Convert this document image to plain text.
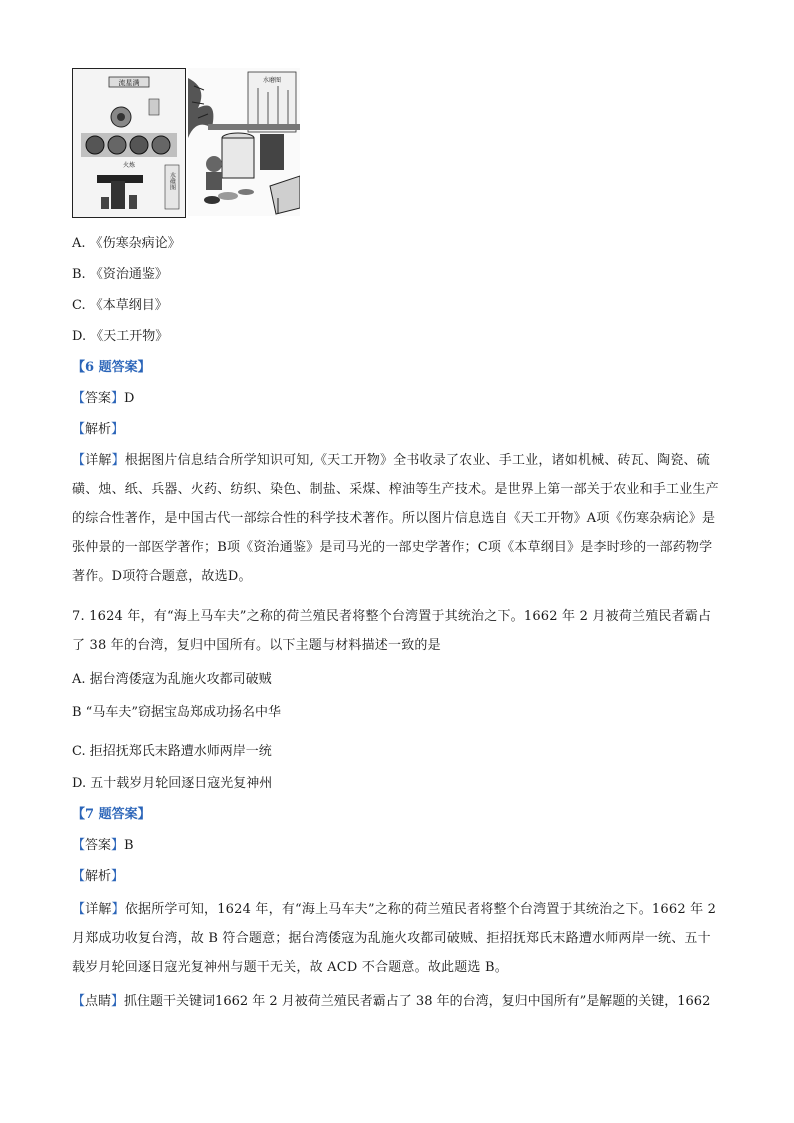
流星满
火炼
水碓图
水磨图
A. 《伤寒杂病论》
B. 《资治通鉴》
C. 《本草纲目》
D. 《天工开物》
【6 题答案】
【答案】D
【解析】
【详解】根据图片信息结合所学知识可知,《天工开物》全书收录了农业、手工业，诸如机械、砖瓦、陶瓷、硫磺、烛、纸、兵器、火药、纺织、染色、制盐、采煤、榨油等生产技术。是世界上第一部关于农业和手工业生产的综合性著作，是中国古代一部综合性的科学技术著作。所以图片信息选自《天工开物》A项《伤寒杂病论》是张仲景的一部医学著作；B项《资治通鉴》是司马光的一部史学著作；C项《本草纲目》是李时珍的一部药物学著作。D项符合题意，故选D。
7. 1624 年，有“海上马车夫”之称的荷兰殖民者将整个台湾置于其统治之下。1662 年 2 月被荷兰殖民者霸占了 38 年的台湾，复归中国所有。以下主题与材料描述一致的是
A. 据台湾倭寇为乱施火攻都司破贼
B “马车夫”窃据宝岛郑成功扬名中华
C. 拒招抚郑氏末路遭水师两岸一统
D. 五十载岁月轮回逐日寇光复神州
【7 题答案】
【答案】B
【解析】
【详解】依据所学可知，1624 年，有“海上马车夫”之称的荷兰殖民者将整个台湾置于其统治之下。1662 年 2 月郑成功收复台湾，故 B 符合题意；据台湾倭寇为乱施火攻都司破贼、拒招抚郑氏末路遭水师两岸一统、五十载岁月轮回逐日寇光复神州与题干无关，故 ACD 不合题意。故此题选 B。
【点睛】抓住题干关键词1662 年 2 月被荷兰殖民者霸占了 38 年的台湾，复归中国所有”是解题的关键，1662
